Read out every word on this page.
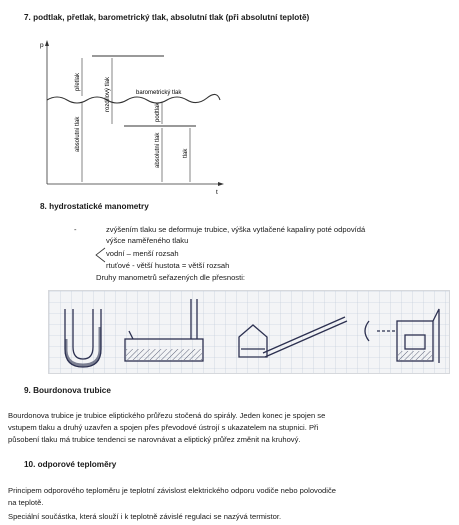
7. podtlak, přetlak, barometrický tlak, absolutní tlak (při absolutní teplotě)
p
t
přetlak	rozdílový tlak	barometrický tlak
absolutní tlak
podtlak
absolutní tlak	tlak
8. hydrostatické manometry
-	zvýšením tlaku se deformuje trubice, výška vytlačené kapaliny poté odpovídá
výšce naměřeného tlaku
vodní – menší rozsah
rtuťové - větší hustota = větší rozsah
Druhy manometrů seřazených dle přesnosti:
9. Bourdonova trubice
Bourdonova trubice je trubice eliptického průřezu stočená do spirály. Jeden konec je spojen se
vstupem tlaku a druhý uzavřen a spojen přes převodové ústrojí s ukazatelem na stupnici. Při
působení tlaku má trubice tendenci se narovnávat a eliptický průřez změnit na kruhový.
10. odporové teploměry
Principem odporového teploměru je teplotní závislost elektrického odporu vodiče nebo polovodiče
na teplotě.
Speciální součástka, která slouží i k teplotně závislé regulaci se nazývá termistor.
